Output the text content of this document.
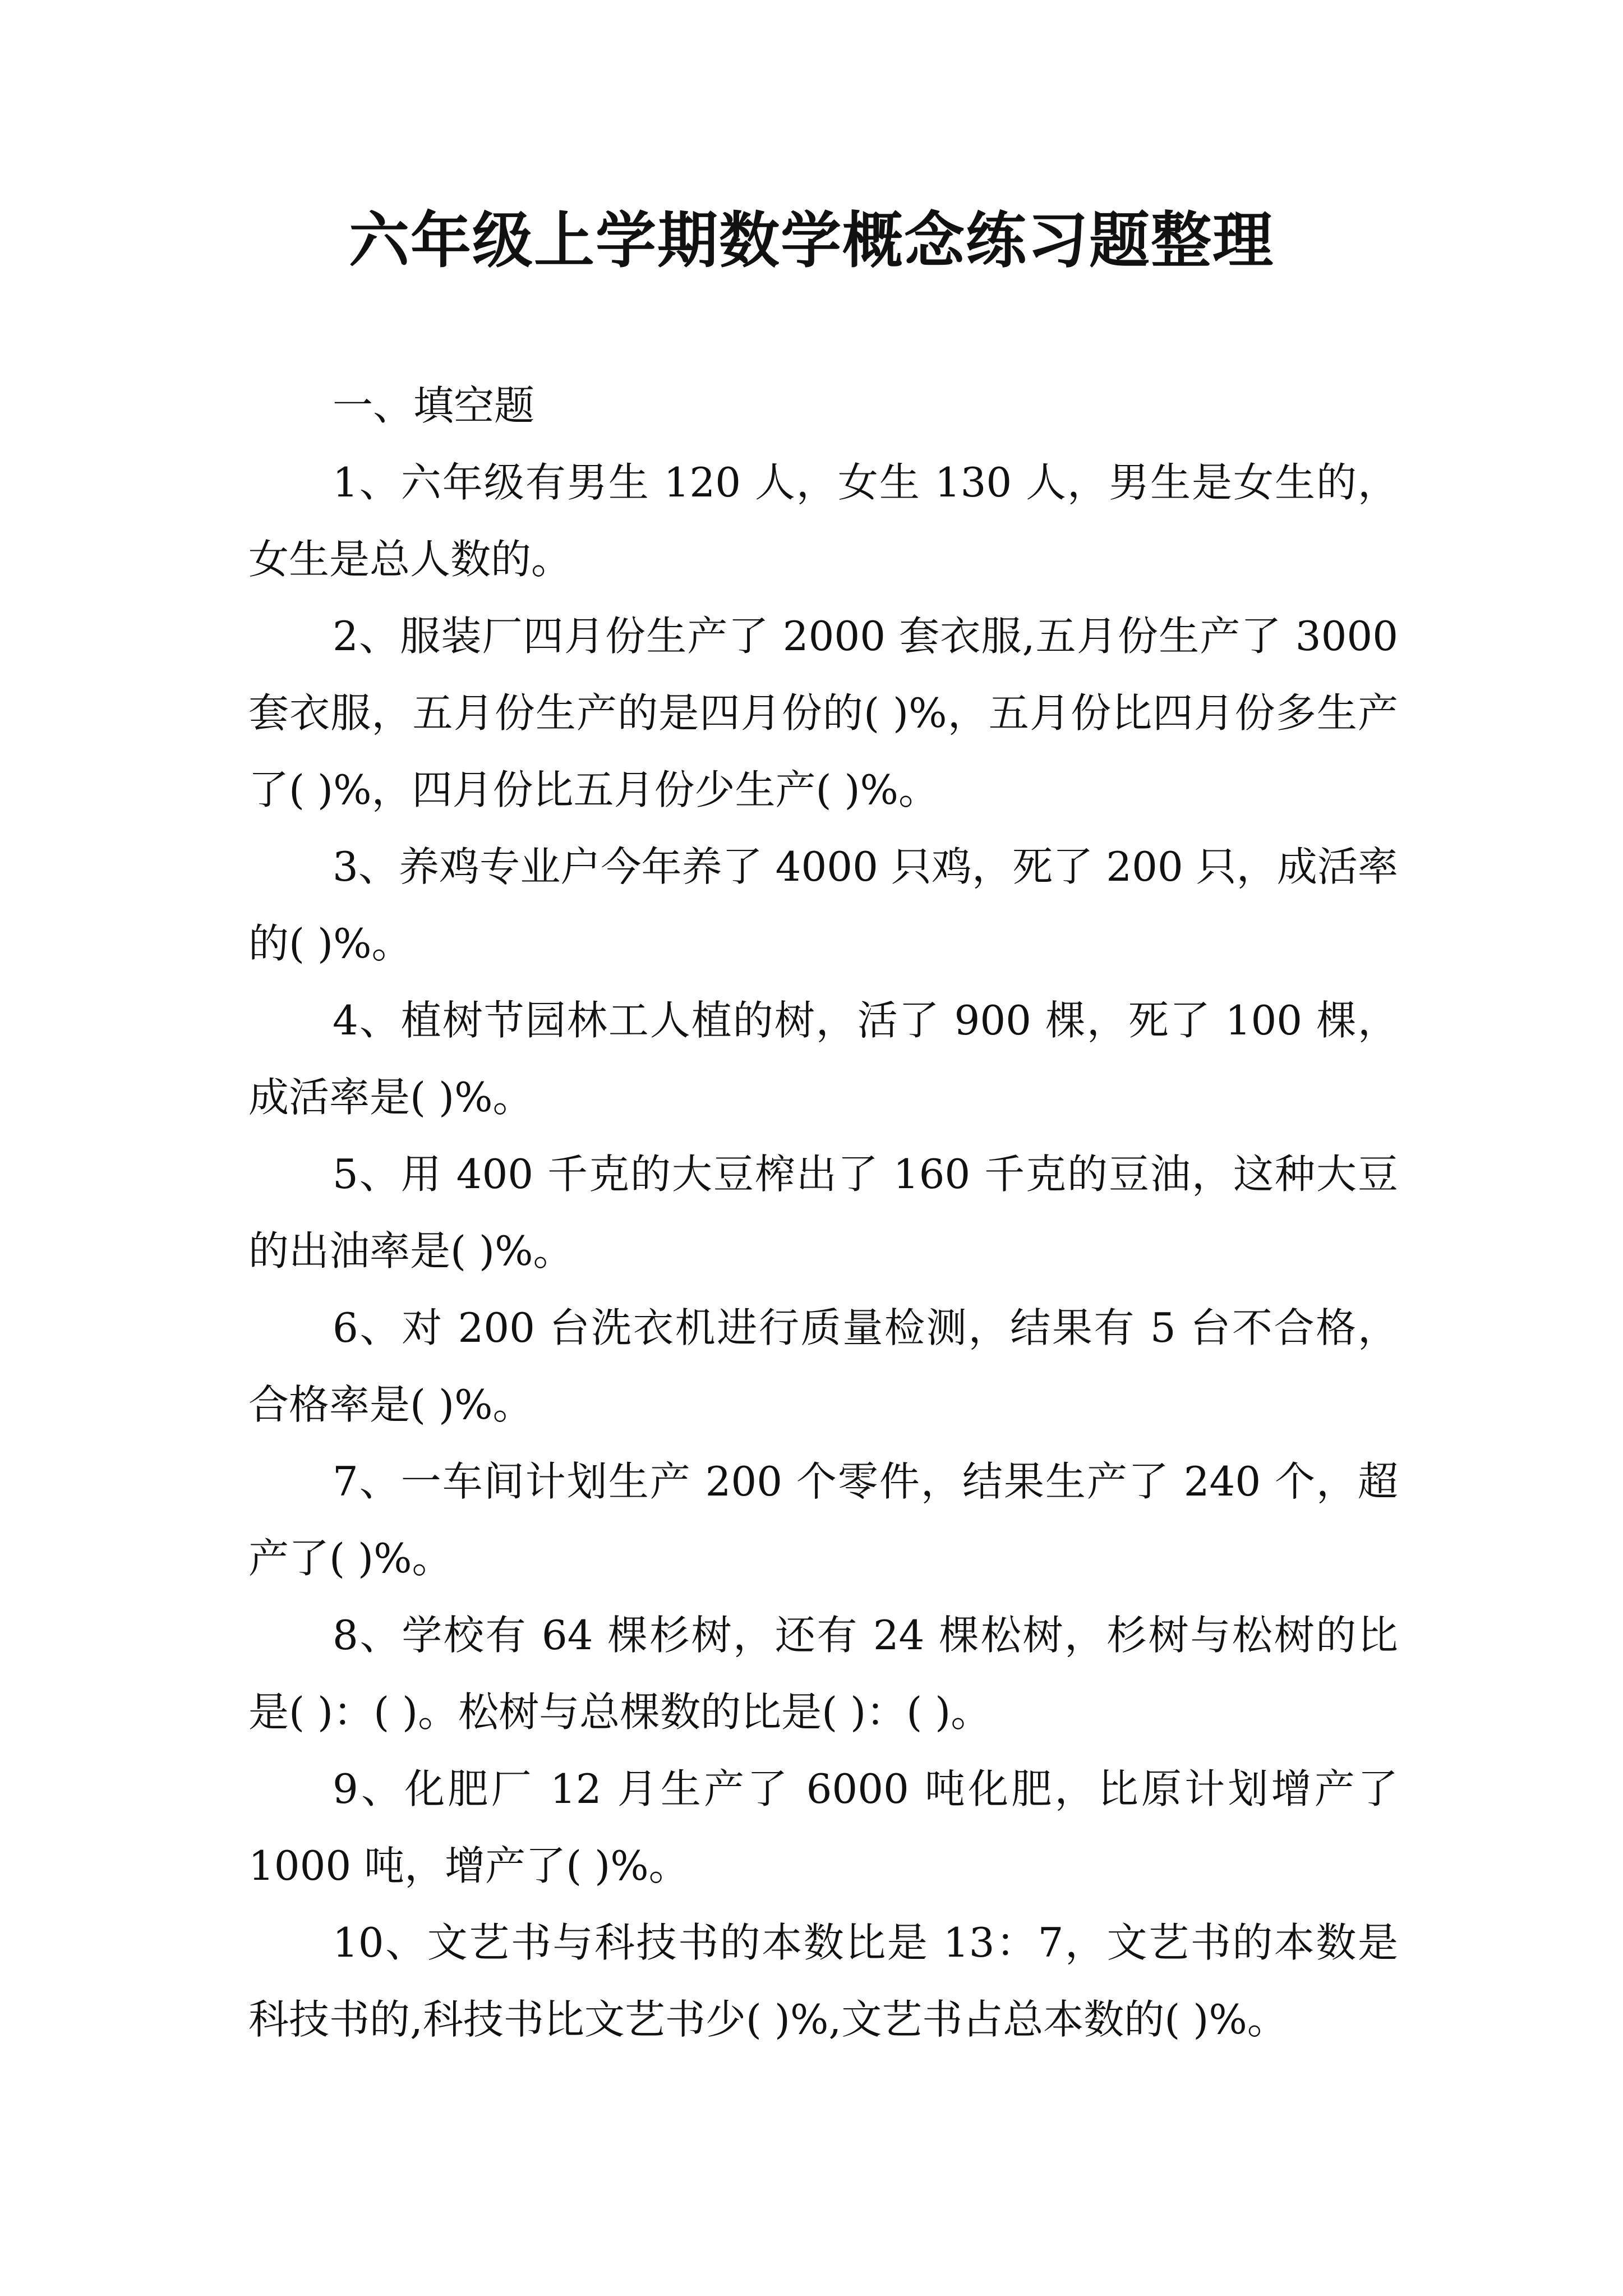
六年级上学期数学概念练习题整理

一、填空题

1、六年级有男生 120 人，女生 130 人，男生是女生的，女生是总人数的。

2、服装厂四月份生产了 2000 套衣服,五月份生产了 3000 套衣服，五月份生产的是四月份的( )%，五月份比四月份多生产了( )%，四月份比五月份少生产( )%。

3、养鸡专业户今年养了 4000 只鸡，死了 200 只，成活率的( )%。

4、植树节园林工人植的树，活了 900 棵，死了 100 棵，成活率是( )%。

5、用 400 千克的大豆榨出了 160 千克的豆油，这种大豆的出油率是( )%。

6、对 200 台洗衣机进行质量检测，结果有 5 台不合格，合格率是( )%。

7、一车间计划生产 200 个零件，结果生产了 240 个，超产了( )%。

8、学校有 64 棵杉树，还有 24 棵松树，杉树与松树的比是( )：( )。松树与总棵数的比是( )：( )。

9、化肥厂 12 月生产了 6000 吨化肥，比原计划增产了 1000 吨，增产了( )%。

10、文艺书与科技书的本数比是 13：7，文艺书的本数是科技书的,科技书比文艺书少( )%,文艺书占总本数的( )%。
